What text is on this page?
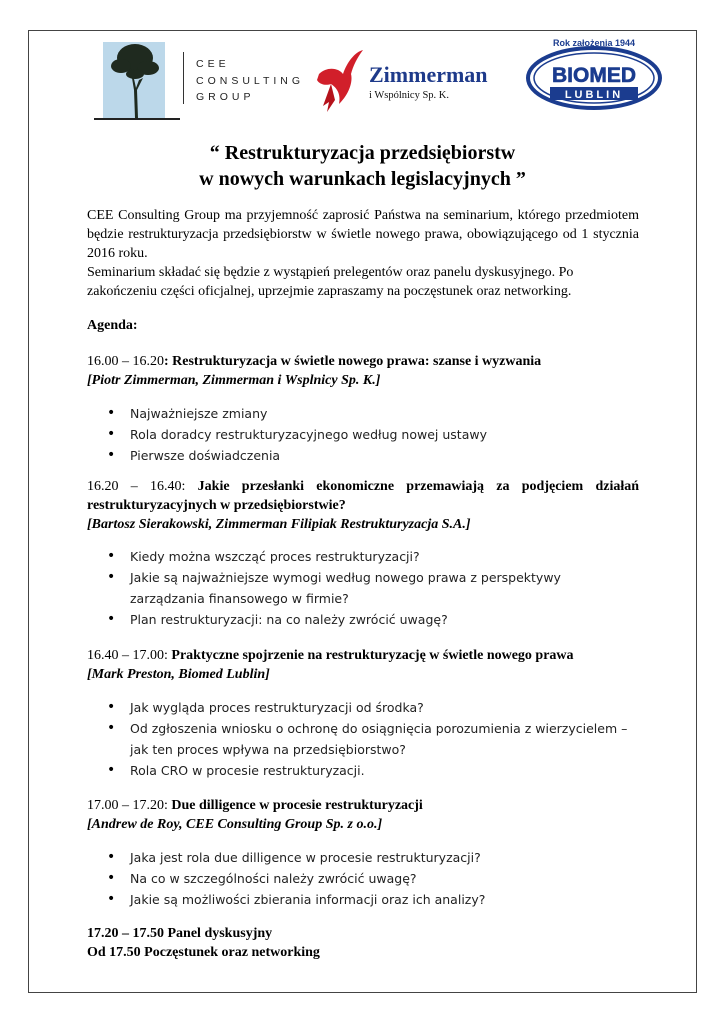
CEE
CONSULTING
GROUP
Zimmerman
i Wspólnicy Sp. K.
Rok założenia 1944
BIOMED
LUBLIN
“ Restrukturyzacja przedsiębiorstw
w nowych warunkach legislacyjnych ”
CEE Consulting Group ma przyjemność zaprosić Państwa na seminarium, którego przedmiotem będzie restrukturyzacja przedsiębiorstw w świetle nowego prawa, obowiązującego od 1 stycznia 2016 roku.
Seminarium składać się będzie z wystąpień prelegentów oraz panelu dyskusyjnego. Po zakończeniu części oficjalnej, uprzejmie zapraszamy na poczęstunek oraz networking.
Agenda:
16.00 – 16.20: Restrukturyzacja w świetle nowego prawa: szanse i wyzwania
[Piotr Zimmerman, Zimmerman i Wsplnicy Sp. K.]
• Najważniejsze zmiany
• Rola doradcy restrukturyzacyjnego według nowej ustawy
• Pierwsze doświadczenia
16.20 – 16.40: Jakie przesłanki ekonomiczne przemawiają za podjęciem działań restrukturyzacyjnych w przedsiębiorstwie?
[Bartosz Sierakowski, Zimmerman Filipiak Restrukturyzacja S.A.]
• Kiedy można wszcząć proces restrukturyzacji?
• Jakie są najważniejsze wymogi według nowego prawa z perspektywy zarządzania finansowego w firmie?
• Plan restrukturyzacji: na co należy zwrócić uwagę?
16.40 – 17.00: Praktyczne spojrzenie na restrukturyzację w świetle nowego prawa
[Mark Preston, Biomed Lublin]
• Jak wygląda proces restrukturyzacji od środka?
• Od zgłoszenia wniosku o ochronę do osiągnięcia porozumienia z wierzycielem – jak ten proces wpływa na przedsiębiorstwo?
• Rola CRO w procesie restrukturyzacji.
17.00 – 17.20: Due dilligence w procesie restrukturyzacji
[Andrew de Roy, CEE Consulting Group Sp. z o.o.]
• Jaka jest rola due dilligence w procesie restrukturyzacji?
• Na co w szczególności należy zwrócić uwagę?
• Jakie są możliwości zbierania informacji oraz ich analizy?
17.20 – 17.50 Panel dyskusyjny
Od 17.50 Poczęstunek oraz networking
